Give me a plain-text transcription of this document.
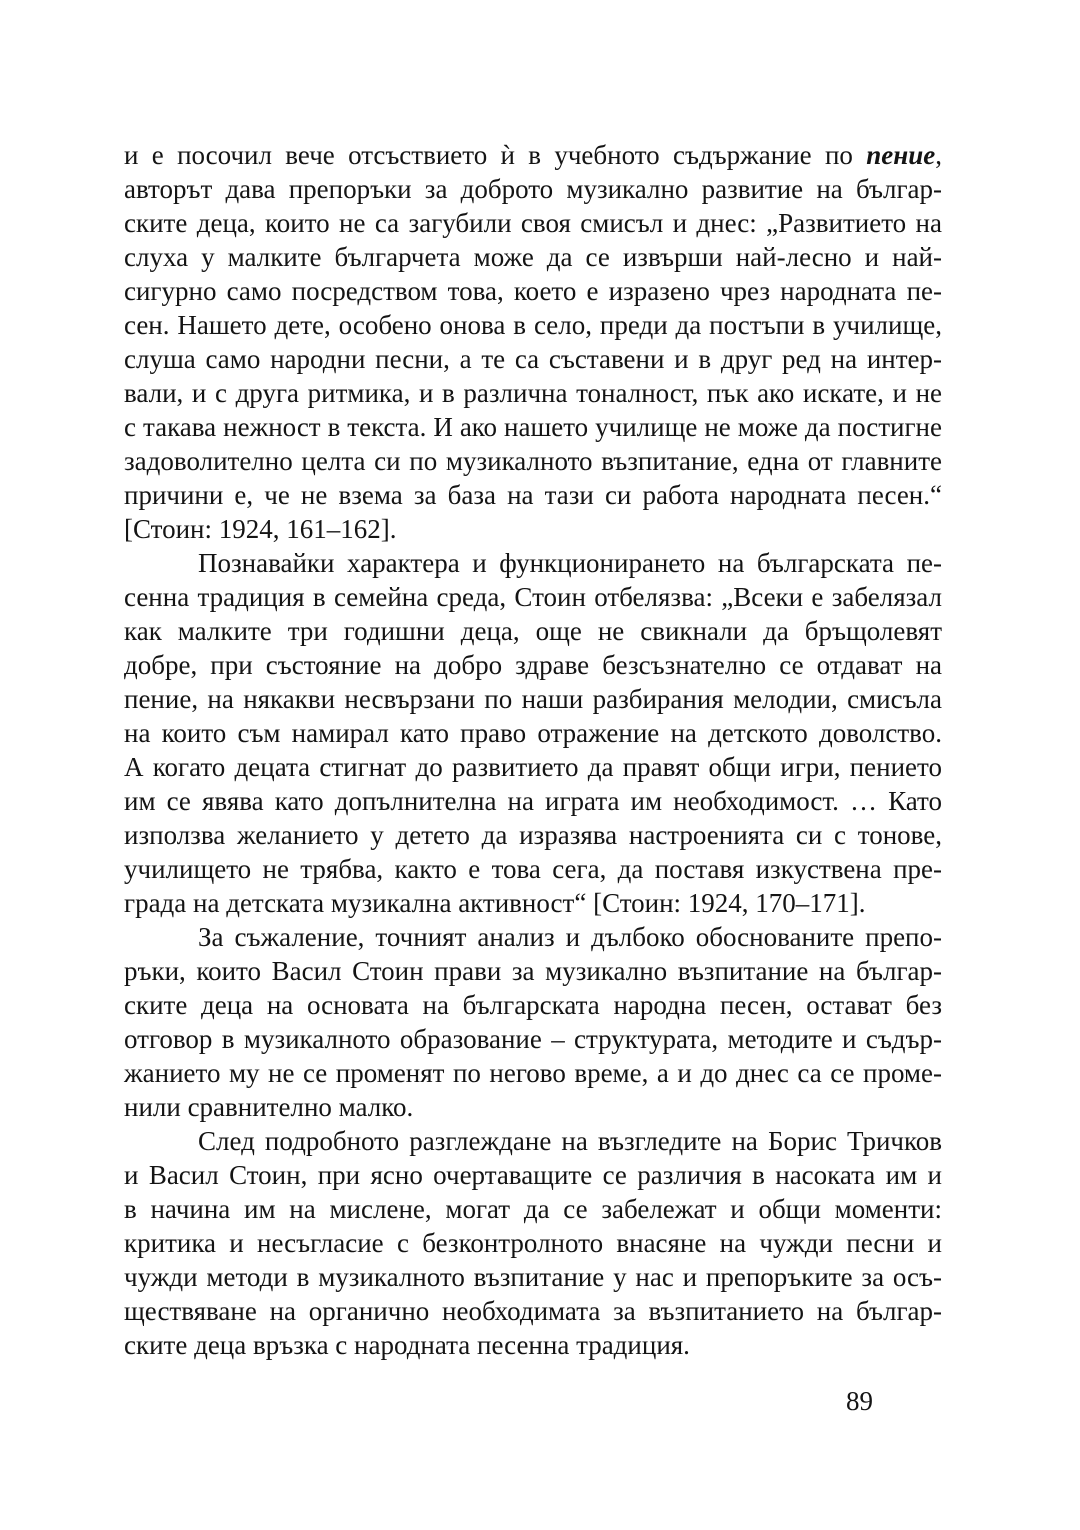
и е посочил вече отсъствието ѝ в учебното съдържание по пение,
авторът дава препоръки за доброто музикално развитие на българ-
ските деца, които не са загубили своя смисъл и днес: „Развитието на
слуха у малките българчета може да се извърши най-лесно и най-
сигурно само посредством това, което е изразено чрез народната пе-
сен. Нашето дете, особено онова в село, преди да постъпи в училище,
слуша само народни песни, а те са съставени и в друг ред на интер-
вали, и с друга ритмика, и в различна тоналност, пък ако искате, и не
с такава нежност в текста. И ако нашето училище не може да постигне
задоволително целта си по музикалното възпитание, една от главните
причини е, че не взема за база на тази си работа народната песен.“
[Стоин: 1924, 161–162].

Познавайки характера и функционирането на българската пе-
сенна традиция в семейна среда, Стоин отбелязва: „Всеки е забелязал
как малките три годишни деца, още не свикнали да бръщолевят
добре, при състояние на добро здраве безсъзнателно се отдават на
пение, на някакви несвързани по наши разбирания мелодии, смисъла
на които съм намирал като право отражение на детското доволство.
А когато децата стигнат до развитието да правят общи игри, пението
им се явява като допълнителна на играта им необходимост. … Като
използва желанието у детето да изразява настроенията си с тонове,
училището не трябва, както е това сега, да поставя изкуствена пре-
града на детската музикална активност“ [Стоин: 1924, 170–171].

За съжаление, точният анализ и дълбоко обоснованите препо-
ръки, които Васил Стоин прави за музикално възпитание на българ-
ските деца на основата на българската народна песен, остават без
отговор в музикалното образование – структурата, методите и съдър-
жанието му не се променят по негово време, а и до днес са се проме-
нили сравнително малко.

След подробното разглеждане на възгледите на Борис Тричков
и Васил Стоин, при ясно очертаващите се различия в насоката им и
в начина им на мислене, могат да се забележат и общи моменти:
критика и несъгласие с безконтролното внасяне на чужди песни и
чужди методи в музикалното възпитание у нас и препоръките за осъ-
ществяване на органично необходимата за възпитанието на българ-
ските деца връзка с народната песенна традиция.

89
